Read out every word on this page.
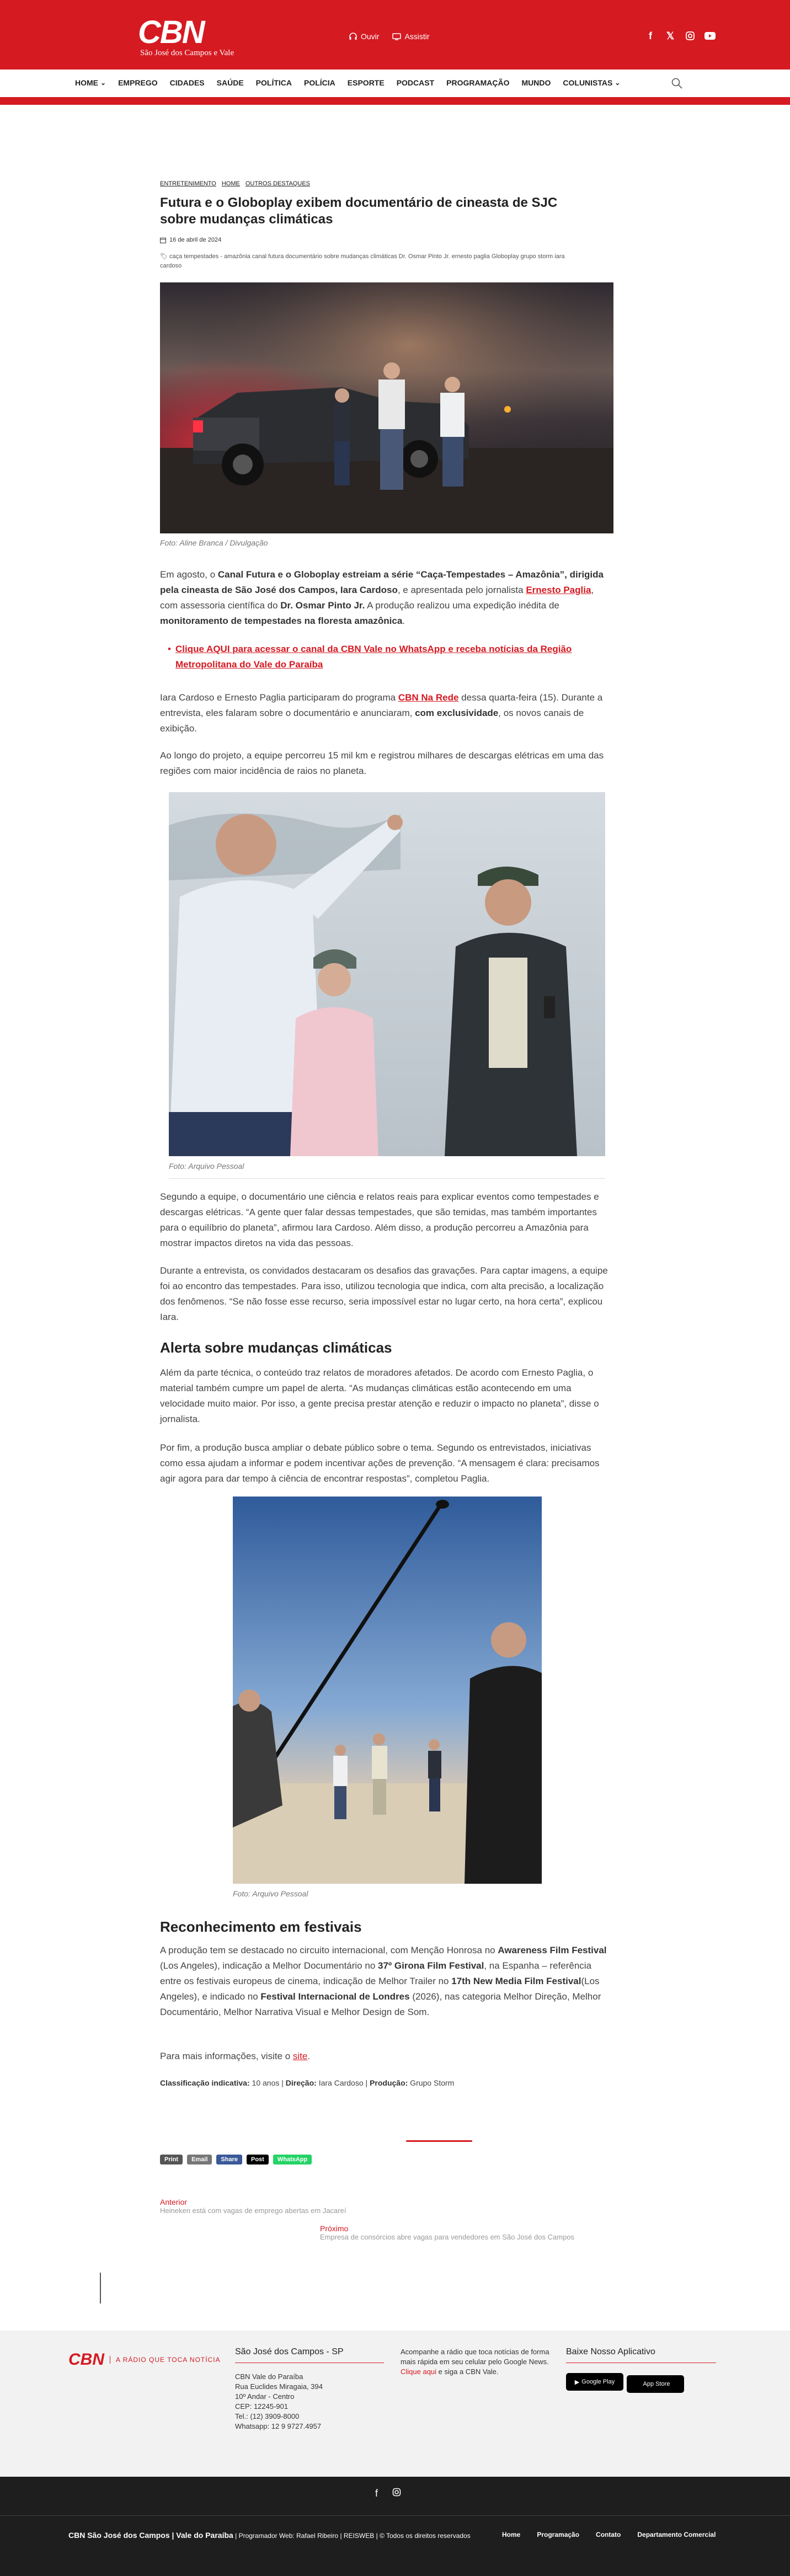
CBN
São José dos Campos e Vale
Ouvir	Assistir	f	𝕏
HOME ⌄ EMPREGO CIDADES SAÚDE POLÍTICA POLÍCIA ESPORTE PODCAST PROGRAMAÇÃO MUNDO COLUNISTAS ⌄
ENTRETENIMENTO HOME OUTROS DESTAQUES
Futura e o Globoplay exibem documentário de cineasta de SJC sobre mudanças climáticas
16 de abril de 2024
🏷 caça tempestades - amazônia canal futura documentário sobre mudanças climáticas Dr. Osmar Pinto Jr. ernesto paglia Globoplay grupo storm iara cardoso
Foto: Aline Branca / Divulgação
Em agosto, o Canal Futura e o Globoplay estreiam a série “Caça-Tempestades – Amazônia”, dirigida pela cineasta de São José dos Campos, Iara Cardoso, e apresentada pelo jornalista Ernesto Paglia, com assessoria científica do Dr. Osmar Pinto Jr. A produção realizou uma expedição inédita de monitoramento de tempestades na floresta amazônica.
• Clique AQUI para acessar o canal da CBN Vale no WhatsApp e receba notícias da Região Metropolitana do Vale do Paraíba
Iara Cardoso e Ernesto Paglia participaram do programa CBN Na Rede dessa quarta-feira (15). Durante a entrevista, eles falaram sobre o documentário e anunciaram, com exclusividade, os novos canais de exibição.
Ao longo do projeto, a equipe percorreu 15 mil km e registrou milhares de descargas elétricas em uma das regiões com maior incidência de raios no planeta.
Foto: Arquivo Pessoal
Segundo a equipe, o documentário une ciência e relatos reais para explicar eventos como tempestades e descargas elétricas. “A gente quer falar dessas tempestades, que são temidas, mas também importantes para o equilíbrio do planeta”, afirmou Iara Cardoso. Além disso, a produção percorreu a Amazônia para mostrar impactos diretos na vida das pessoas.
Durante a entrevista, os convidados destacaram os desafios das gravações. Para captar imagens, a equipe foi ao encontro das tempestades. Para isso, utilizou tecnologia que indica, com alta precisão, a localização dos fenômenos. “Se não fosse esse recurso, seria impossível estar no lugar certo, na hora certa”, explicou Iara.
Alerta sobre mudanças climáticas
Além da parte técnica, o conteúdo traz relatos de moradores afetados. De acordo com Ernesto Paglia, o material também cumpre um papel de alerta. “As mudanças climáticas estão acontecendo em uma velocidade muito maior. Por isso, a gente precisa prestar atenção e reduzir o impacto no planeta”, disse o jornalista.
Por fim, a produção busca ampliar o debate público sobre o tema. Segundo os entrevistados, iniciativas como essa ajudam a informar e podem incentivar ações de prevenção. “A mensagem é clara: precisamos agir agora para dar tempo à ciência de encontrar respostas”, completou Paglia.
Foto: Arquivo Pessoal
Reconhecimento em festivais
A produção tem se destacado no circuito internacional, com Menção Honrosa no Awareness Film Festival (Los Angeles), indicação a Melhor Documentário no 37º Girona Film Festival, na Espanha – referência entre os festivais europeus de cinema, indicação de Melhor Trailer no 17th New Media Film Festival(Los Angeles), e indicado no Festival Internacional de Londres (2026), nas categoria Melhor Direção, Melhor Documentário, Melhor Narrativa Visual e Melhor Design de Som.
Para mais informações, visite o site.
Classificação indicativa: 10 anos | Direção: Iara Cardoso | Produção: Grupo Storm
Print	Email	Share	Post	WhatsApp
Anterior
Heineken está com vagas de emprego abertas em Jacareí
Próximo
Empresa de consórcios abre vagas para vendedores em São José dos Campos
CBN	A RÁDIO QUE TOCA NOTÍCIA
São José dos Campos - SP
CBN Vale do Paraíba
Rua Euclides Miragaia, 394
10º Andar - Centro
CEP: 12245-901
Tel.: (12) 3909-8000
Whatsapp: 12 9 9727.4957
Acompanhe a rádio que toca notícias de forma mais rápida em seu celular pelo Google News. Clique aqui e siga a CBN Vale.
Baixe Nosso Aplicativo
▶ Google Play	App Store
f
CBN São José dos Campos | Vale do Paraíba | Programador Web: Rafael Ribeiro | REISWEB | © Todos os direitos reservados	Home	Programação	Contato	Departamento Comercial
